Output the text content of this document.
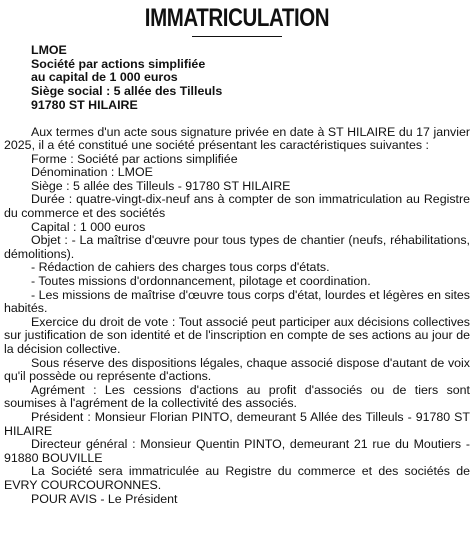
IMMATRICULATION
LMOE
Société par actions simplifiée
au capital de 1 000 euros
Siège social : 5 allée des Tilleuls
91780 ST HILAIRE

Aux termes d'un acte sous signature privée en date à ST HILAIRE du 17 janvier 2025, il a été constitué une société présentant les caractéristiques suivantes :

Forme : Société par actions simplifiée

Dénomination : LMOE

Siège : 5 allée des Tilleuls - 91780 ST HILAIRE

Durée : quatre-vingt-dix-neuf ans à compter de son immatriculation au Registre du commerce et des sociétés

Capital : 1 000 euros

Objet : - La maîtrise d'œuvre pour tous types de chantier (neufs, réhabilitations, démolitions).

- Rédaction de cahiers des charges tous corps d'états.

- Toutes missions d'ordonnancement, pilotage et coordination.

- Les missions de maîtrise d'œuvre tous corps d'état, lourdes et légères en sites habités.

Exercice du droit de vote : Tout associé peut participer aux décisions collectives sur justification de son identité et de l'inscription en compte de ses actions au jour de la décision collective.

Sous réserve des dispositions légales, chaque associé dispose d'autant de voix qu'il possède ou représente d'actions.

Agrément : Les cessions d'actions au profit d'associés ou de tiers sont soumises à l'agrément de la collectivité des associés.

Président : Monsieur Florian PINTO, demeurant 5 Allée des Tilleuls - 91780 ST HILAIRE

Directeur général : Monsieur Quentin PINTO, demeurant 21 rue du Moutiers - 91880 BOUVILLE

La Société sera immatriculée au Registre du commerce et des sociétés de EVRY COURCOURONNES.

POUR AVIS - Le Président
